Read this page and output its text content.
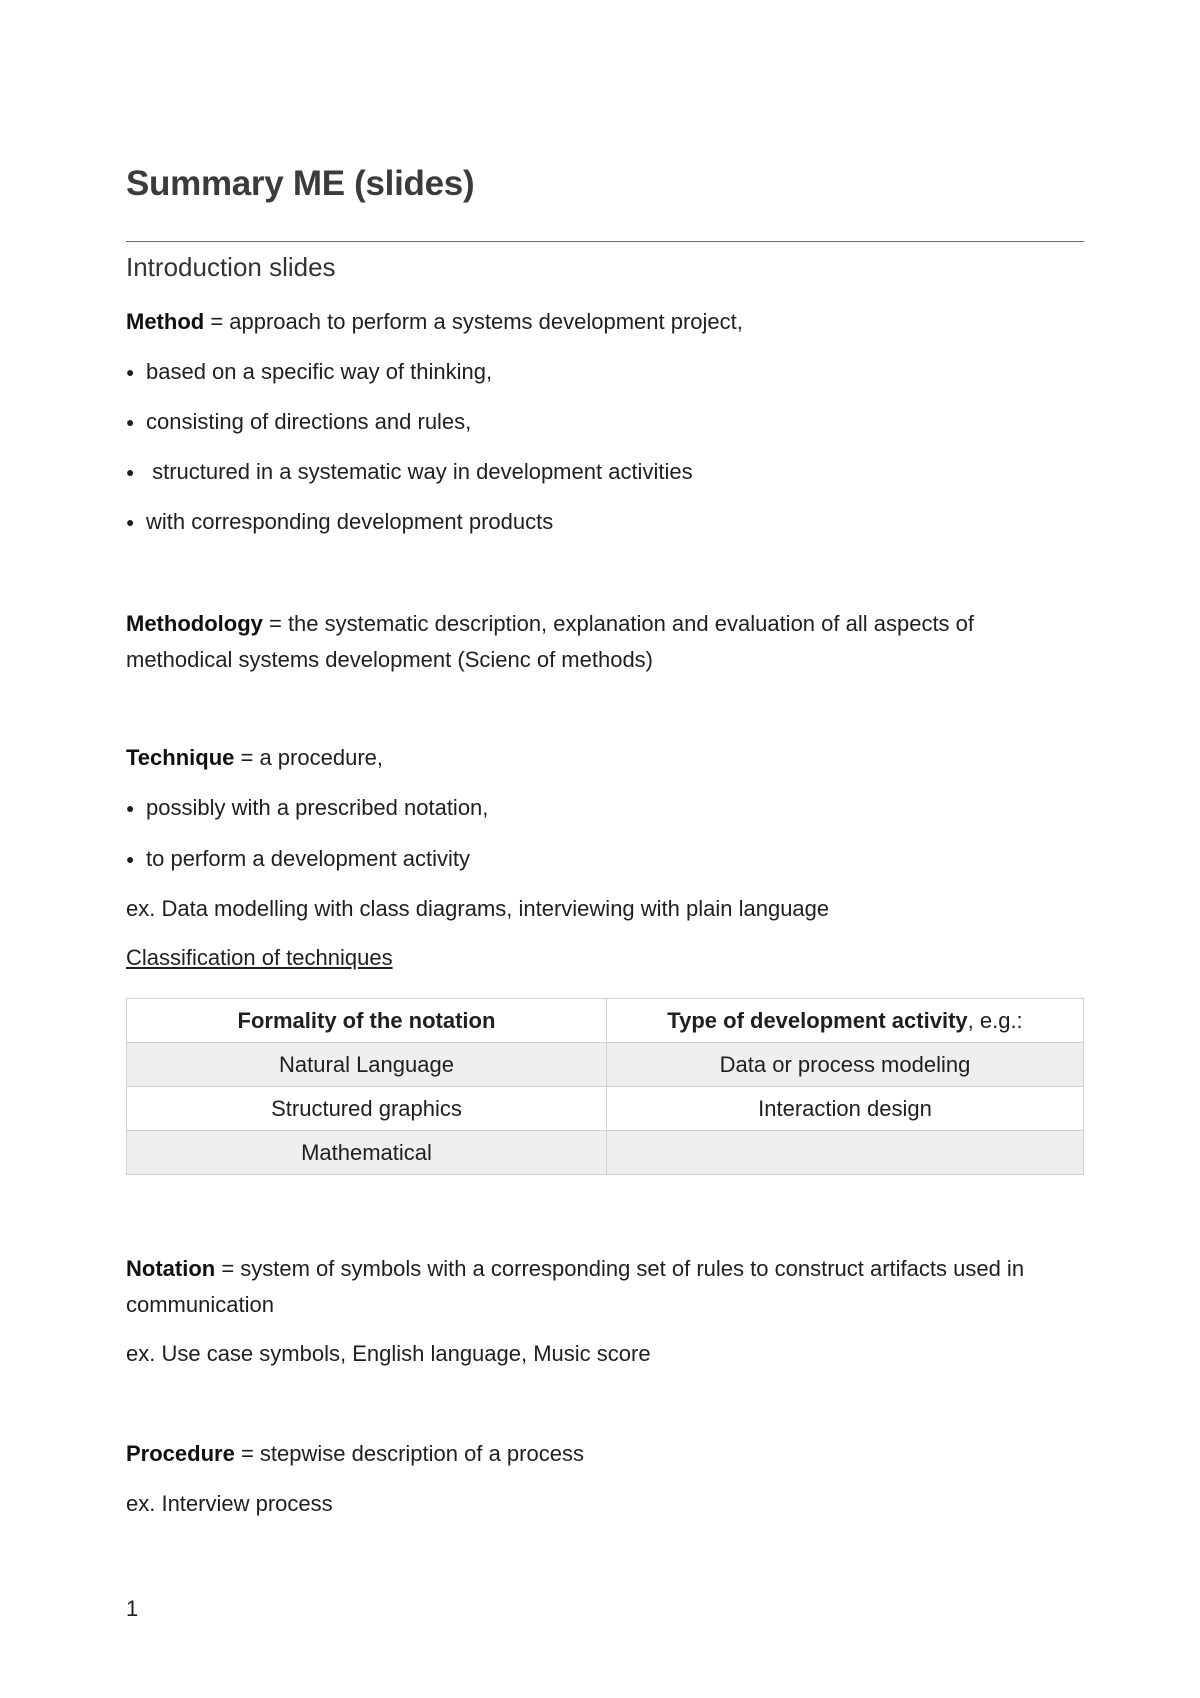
Summary ME (slides)
Introduction slides
Method = approach to perform a systems development project,
● based on a specific way of thinking,
● consisting of directions and rules,
● structured in a systematic way in development activities
● with corresponding development products
Methodology = the systematic description, explanation and evaluation of all aspects of methodical systems development (Scienc of methods)
Technique = a procedure,
● possibly with a prescribed notation,
● to perform a development activity
ex. Data modelling with class diagrams, interviewing with plain language
Classification of techniques
Formality of the notation	Type of development activity, e.g.:
Natural Language	Data or process modeling
Structured graphics	Interaction design
Mathematical	
Notation = system of symbols with a corresponding set of rules to construct artifacts used in communication
ex. Use case symbols, English language, Music score
Procedure = stepwise description of a process
ex. Interview process
1
